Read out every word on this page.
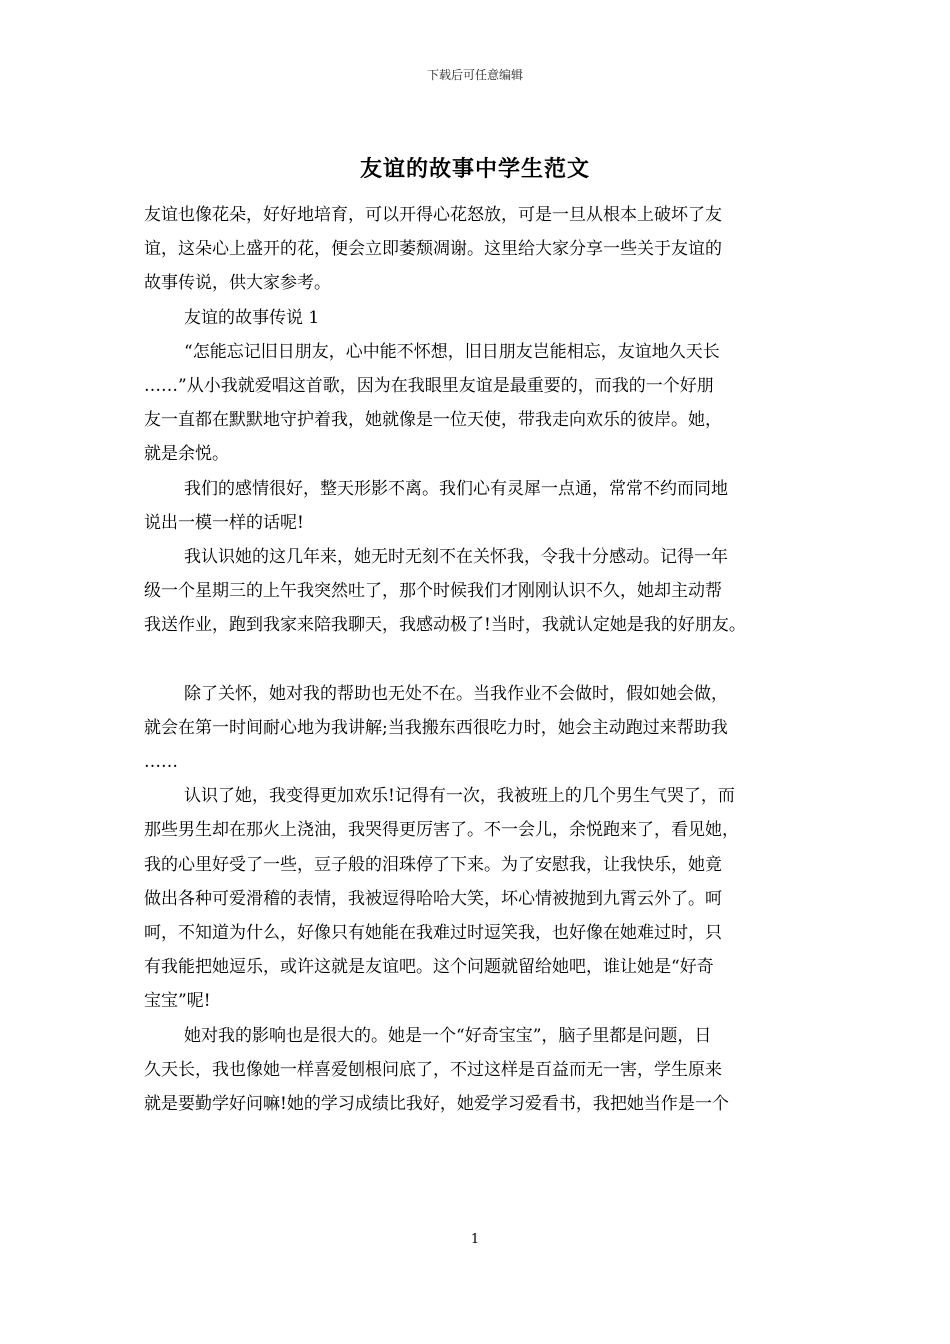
下载后可任意编辑
友谊的故事中学生范文

友谊也像花朵，好好地培育，可以开得心花怒放，可是一旦从根本上破坏了友

谊，这朵心上盛开的花，便会立即萎颓凋谢。这里给大家分享一些关于友谊的

故事传说，供大家参考。

友谊的故事传说 1

“怎能忘记旧日朋友，心中能不怀想，旧日朋友岂能相忘，友谊地久天长

……”从小我就爱唱这首歌，因为在我眼里友谊是最重要的，而我的一个好朋

友一直都在默默地守护着我，她就像是一位天使，带我走向欢乐的彼岸。她，

就是余悦。

我们的感情很好，整天形影不离。我们心有灵犀一点通，常常不约而同地

说出一模一样的话呢!

我认识她的这几年来，她无时无刻不在关怀我，令我十分感动。记得一年

级一个星期三的上午我突然吐了，那个时候我们才刚刚认识不久，她却主动帮

我送作业，跑到我家来陪我聊天，我感动极了!当时，我就认定她是我的好朋友。

除了关怀，她对我的帮助也无处不在。当我作业不会做时，假如她会做，

就会在第一时间耐心地为我讲解;当我搬东西很吃力时，她会主动跑过来帮助我

……

认识了她，我变得更加欢乐!记得有一次，我被班上的几个男生气哭了，而

那些男生却在那火上浇油，我哭得更厉害了。不一会儿，余悦跑来了，看见她，

我的心里好受了一些，豆子般的泪珠停了下来。为了安慰我，让我快乐，她竟

做出各种可爱滑稽的表情，我被逗得哈哈大笑，坏心情被抛到九霄云外了。呵

呵，不知道为什么，好像只有她能在我难过时逗笑我，也好像在她难过时，只

有我能把她逗乐，或许这就是友谊吧。这个问题就留给她吧，谁让她是“好奇

宝宝”呢!

她对我的影响也是很大的。她是一个“好奇宝宝”，脑子里都是问题，日

久天长，我也像她一样喜爱刨根问底了，不过这样是百益而无一害，学生原来

就是要勤学好问嘛!她的学习成绩比我好，她爱学习爱看书，我把她当作是一个

1
